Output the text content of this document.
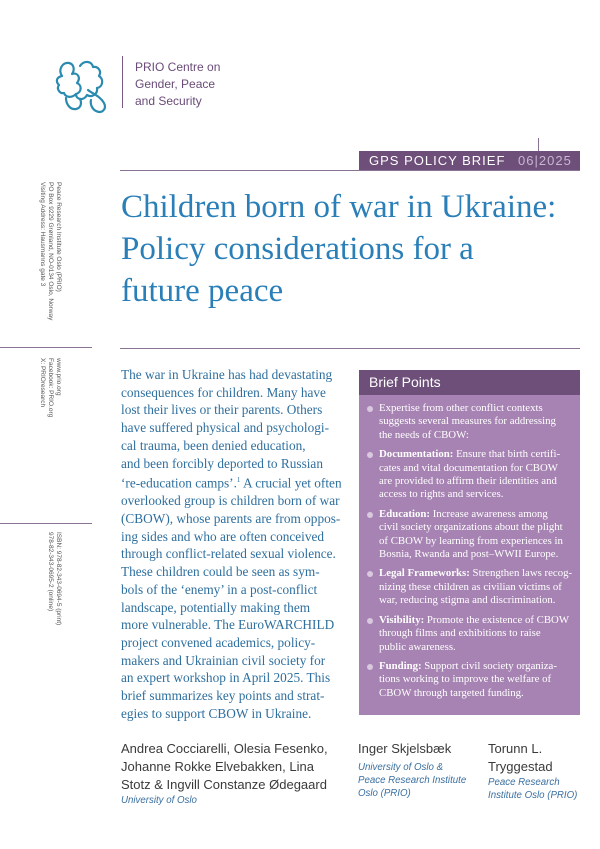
PRIO Centre on
Gender, Peace
and Security
GPS POLICY BRIEF 06|2025
Children born of war in Ukraine:
Policy considerations for a
future peace
Peace Research Institute Oslo (PRIO)
PO Box 9229 Grønland, NO-0134 Oslo, Norway
Visiting Address: Hausmanns gate 3
www.prio.org
Facebook: PRIO.org
X: PRIOresearch
ISBN: 978-82-343-0694-5 (print)
978-82-343-0695-2 (online)
The war in Ukraine has had devastating
consequences for children. Many have
lost their lives or their parents. Others
have suffered physical and psychologi-
cal trauma, been denied education,
and been forcibly deported to Russian
‘re-education camps’.$^1$ A crucial yet often
overlooked group is children born of war
(CBOW), whose parents are from oppos-
ing sides and who are often conceived
through conflict-related sexual violence.
These children could be seen as sym-
bols of the ‘enemy’ in a post-conflict
landscape, potentially making them
more vulnerable. The EuroWARCHILD
project convened academics, policy-
makers and Ukrainian civil society for
an expert workshop in April 2025. This
brief summarizes key points and strat-
egies to support CBOW in Ukraine.
Brief Points
Expertise from other conflict contexts
suggests several measures for addressing
the needs of CBOW:
Documentation: Ensure that birth certifi-
cates and vital documentation for CBOW
are provided to affirm their identities and
access to rights and services.
Education: Increase awareness among
civil society organizations about the plight
of CBOW by learning from experiences in
Bosnia, Rwanda and post–WWII Europe.
Legal Frameworks: Strengthen laws recog-
nizing these children as civilian victims of
war, reducing stigma and discrimination.
Visibility: Promote the existence of CBOW
through films and exhibitions to raise
public awareness.
Funding: Support civil society organiza-
tions working to improve the welfare of
CBOW through targeted funding.
Andrea Cocciarelli, Olesia Fesenko,
Johanne Rokke Elvebakken, Lina
Stotz & Ingvill Constanze Ødegaard
University of Oslo
Inger Skjelsbæk
University of Oslo &
Peace Research Institute
Oslo (PRIO)
Torunn L.
Tryggestad
Peace Research
Institute Oslo (PRIO)
